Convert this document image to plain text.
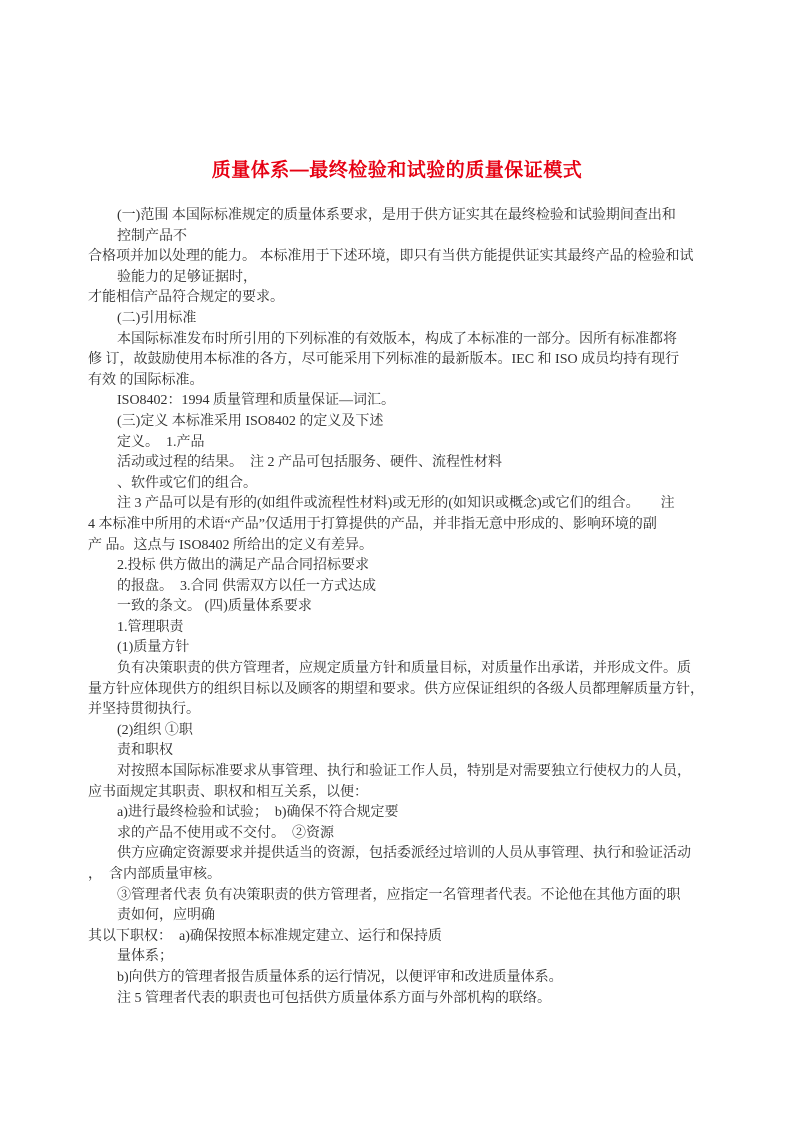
质量体系—最终检验和试验的质量保证模式
(一)范围 本国际标准规定的质量体系要求，是用于供方证实其在最终检验和试验期间查出和
控制产品不
合格项并加以处理的能力。 本标准用于下述环境，即只有当供方能提供证实其最终产品的检验和试
验能力的足够证据时，
才能相信产品符合规定的要求。
(二)引用标准
本国际标准发布时所引用的下列标准的有效版本，构成了本标准的一部分。因所有标准都将
修 订，故鼓励使用本标准的各方，尽可能采用下列标准的最新版本。IEC 和 ISO 成员均持有现行
有效 的国际标准。
ISO8402：1994 质量管理和质量保证—词汇。
(三)定义 本标准采用 ISO8402 的定义及下述
定义。  1.产品
活动或过程的结果。  注 2 产品可包括服务、硬件、流程性材料
、软件或它们的组合。
注 3 产品可以是有形的(如组件或流程性材料)或无形的(如知识或概念)或它们的组合。      注
4 本标准中所用的术语“产品”仅适用于打算提供的产品，并非指无意中形成的、影响环境的副
产 品。这点与 ISO8402 所给出的定义有差异。
2.投标 供方做出的满足产品合同招标要求
的报盘。  3.合同 供需双方以任一方式达成
一致的条文。 (四)质量体系要求
1.管理职责
(1)质量方针
负有决策职责的供方管理者，应规定质量方针和质量目标，对质量作出承诺，并形成文件。质
量方针应体现供方的组织目标以及顾客的期望和要求。供方应保证组织的各级人员都理解质量方针，
并坚持贯彻执行。
(2)组织 ①职
责和职权
对按照本国际标准要求从事管理、执行和验证工作人员，特别是对需要独立行使权力的人员，
应书面规定其职责、职权和相互关系，以便：
a)进行最终检验和试验；  b)确保不符合规定要
求的产品不使用或不交付。  ②资源
供方应确定资源要求并提供适当的资源，包括委派经过培训的人员从事管理、执行和验证活动
，  含内部质量审核。
③管理者代表 负有决策职责的供方管理者，应指定一名管理者代表。不论他在其他方面的职
责如何，应明确
其以下职权：  a)确保按照本标准规定建立、运行和保持质
量体系；
b)向供方的管理者报告质量体系的运行情况，以便评审和改进质量体系。
注 5 管理者代表的职责也可包括供方质量体系方面与外部机构的联络。
